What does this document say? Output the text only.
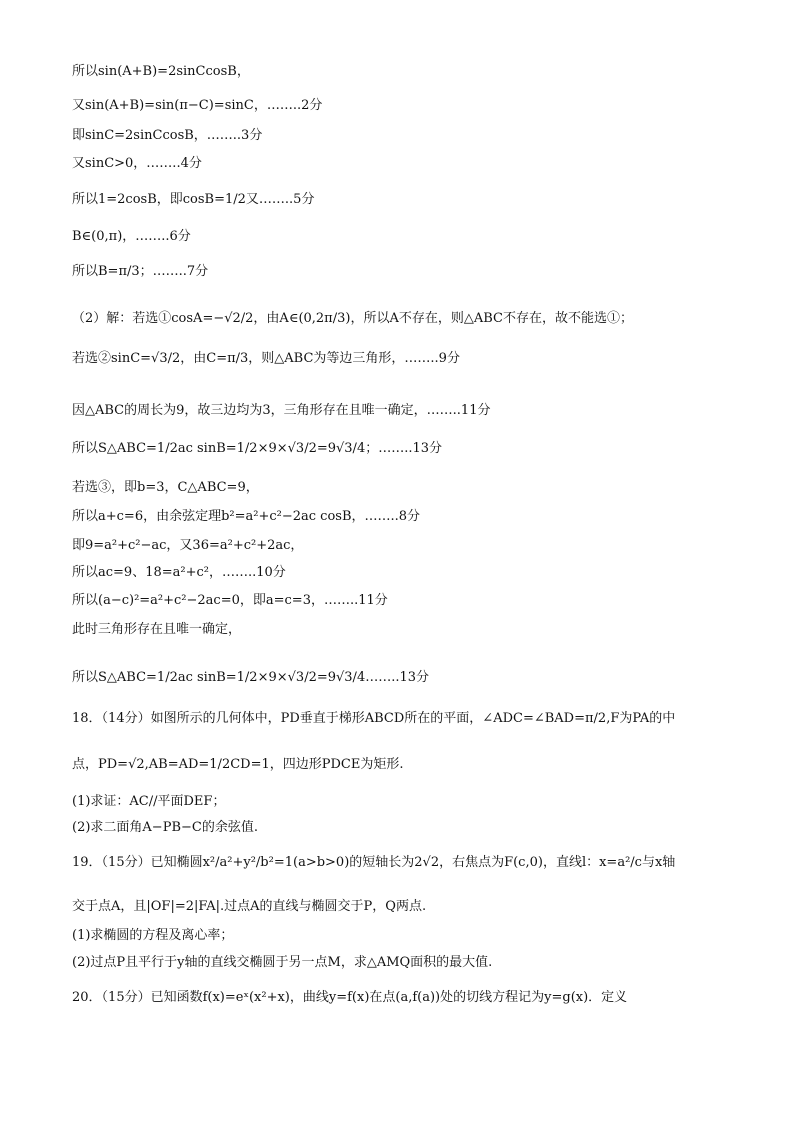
所以sin(A+B)=2sinCcosB，
又sin(A+B)=sin(π−C)=sinC，……..2分
即sinC=2sinCcosB，……..3分
又sinC>0，……..4分
所以1=2cosB，即cosB=1/2又……..5分
B∈(0,π)，……..6分
所以B=π/3；……..7分
（2）解：若选①cosA=−√2/2，由A∈(0,2π/3)，所以A不存在，则△ABC不存在，故不能选①；
若选②sinC=√3/2，由C=π/3，则△ABC为等边三角形，……..9分
因△ABC的周长为9，故三边均为3，三角形存在且唯一确定，……..11分
所以S△ABC=1/2ac sinB=1/2×9×√3/2=9√3/4；……..13分
若选③，即b=3，C△ABC=9，
所以a+c=6，由余弦定理b²=a²+c²−2ac cosB，……..8分
即9=a²+c²−ac，又36=a²+c²+2ac，
所以ac=9、18=a²+c²，……..10分
所以(a−c)²=a²+c²−2ac=0，即a=c=3，……..11分
此时三角形存在且唯一确定，
所以S△ABC=1/2ac sinB=1/2×9×√3/2=9√3/4……..13分
18．（14分）如图所示的几何体中，PD垂直于梯形ABCD所在的平面，∠ADC=∠BAD=π/2,F为PA的中
点，PD=√2,AB=AD=1/2CD=1，四边形PDCE为矩形.
(1)求证：AC//平面DEF；
(2)求二面角A−PB−C的余弦值.
19．（15分）已知椭圆x²/a²+y²/b²=1(a>b>0)的短轴长为2√2，右焦点为F(c,0)，直线l：x=a²/c与x轴
交于点A，且|OF|=2|FA|.过点A的直线与椭圆交于P，Q两点.
(1)求椭圆的方程及离心率；
(2)过点P且平行于y轴的直线交椭圆于另一点M，求△AMQ面积的最大值.
20．（15分）已知函数f(x)=eˣ(x²+x)，曲线y=f(x)在点(a,f(a))处的切线方程记为y=g(x)．定义
